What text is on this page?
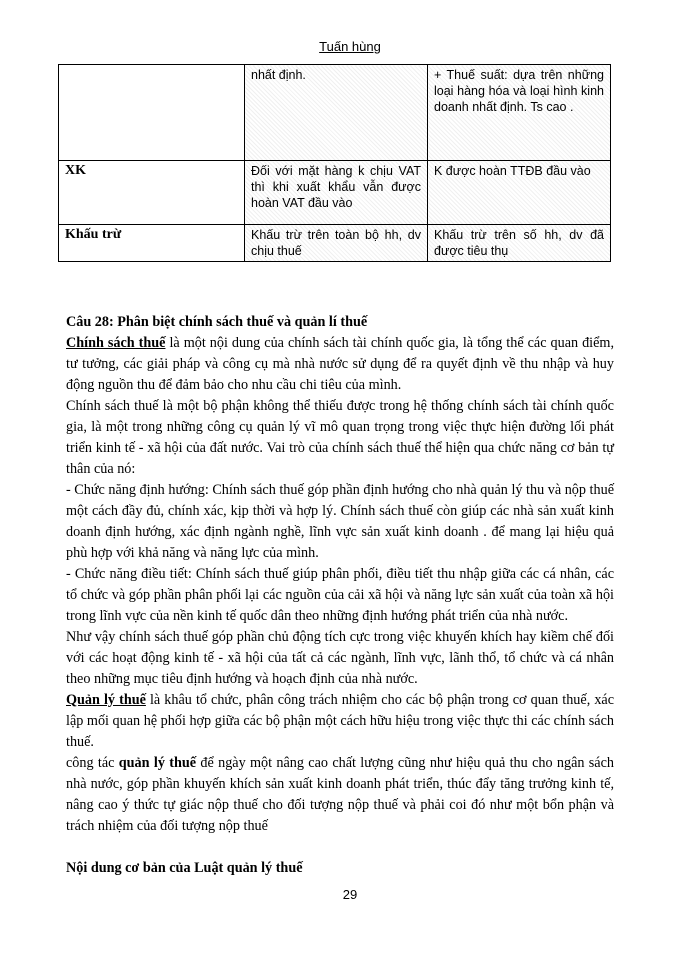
Tuấn hùng
	nhất định.	+ Thuế suất: dựa trên những loại hàng hóa và loại hình kinh doanh nhất định. Ts cao .
XK	Đối với mặt hàng k chịu VAT thì khi xuất khẩu vẫn được hoàn VAT đầu vào	K được hoàn TTĐB đầu vào
Khấu trừ	Khấu trừ trên toàn bộ hh, dv chịu thuế	Khấu trừ trên số hh, dv đã được tiêu thụ

Câu 28: Phân biệt chính sách thuế và quản lí thuế

Chính sách thuế là một nội dung của chính sách tài chính quốc gia, là tổng thể các quan điểm, tư tưởng, các giải pháp và công cụ mà nhà nước sử dụng để ra quyết định về thu nhập và huy động nguồn thu để đảm bảo cho nhu cầu chi tiêu của mình.

Chính sách thuế là một bộ phận không thể thiếu được trong hệ thống chính sách tài chính quốc gia, là một trong những công cụ quản lý vĩ mô quan trọng trong việc thực hiện đường lối phát triển kinh tế - xã hội của đất nước. Vai trò của chính sách thuế thể hiện qua chức năng cơ bản tự thân của nó:

- Chức năng định hướng: Chính sách thuế góp phần định hướng cho nhà quản lý thu và nộp thuế một cách đầy đủ, chính xác, kịp thời và hợp lý. Chính sách thuế còn giúp các nhà sản xuất kinh doanh định hướng, xác định ngành nghề, lĩnh vực sản xuất kinh doanh . để mang lại hiệu quả phù hợp với khả năng và năng lực của mình.

- Chức năng điều tiết: Chính sách thuế giúp phân phối, điều tiết thu nhập giữa các cá nhân, các tổ chức và góp phần phân phối lại các nguồn của cải xã hội và năng lực sản xuất của toàn xã hội trong lĩnh vực của nền kinh tế quốc dân theo những định hướng phát triển của nhà nước.

Như vậy chính sách thuế góp phần chủ động tích cực trong việc khuyến khích hay kiềm chế đối với các hoạt động kinh tế - xã hội của tất cả các ngành, lĩnh vực, lãnh thổ, tổ chức và cá nhân theo những mục tiêu định hướng và hoạch định của nhà nước.

Quản lý thuế là khâu tổ chức, phân công trách nhiệm cho các bộ phận trong cơ quan thuế, xác lập mối quan hệ phối hợp giữa các bộ phận một cách hữu hiệu trong việc thực thi các chính sách thuế.

công tác quản lý thuế để ngày một nâng cao chất lượng cũng như hiệu quả thu cho ngân sách nhà nước, góp phần khuyến khích sản xuất kinh doanh phát triển, thúc đẩy tăng trưởng kinh tế, nâng cao ý thức tự giác nộp thuế cho đối tượng nộp thuế và phải coi đó như một bổn phận và trách nhiệm của đối tượng nộp thuế

Nội dung cơ bản của Luật quản lý thuế

29
